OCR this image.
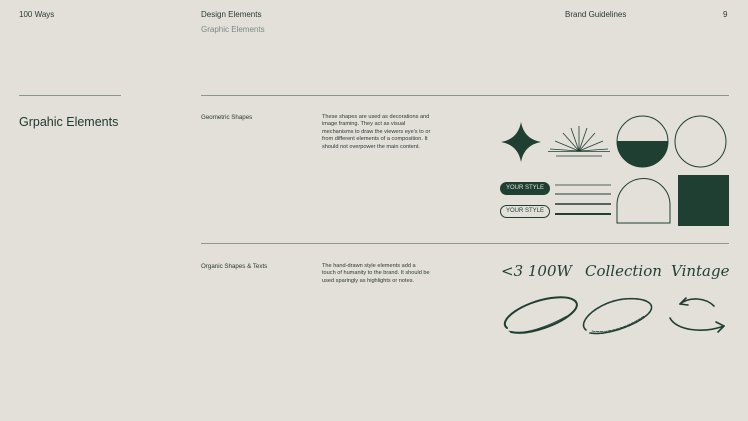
100 Ways	Design Elements
Graphic Elements
Brand Guidelines	9
Grpahic Elements	Geometric Shapes	These shapes are used as decorations and image framing. They act as visual mechanisms to draw the viewers eye's to or from different elements of a composition. It should not overpower the main content.
YOUR STYLE
YOUR STYLE
Organic Shapes & Texts	The hand-drawn style elements add a touch of humanity to the brand. It should be used sparingly as highlights or notes.
<3 100W Collection Vintage
